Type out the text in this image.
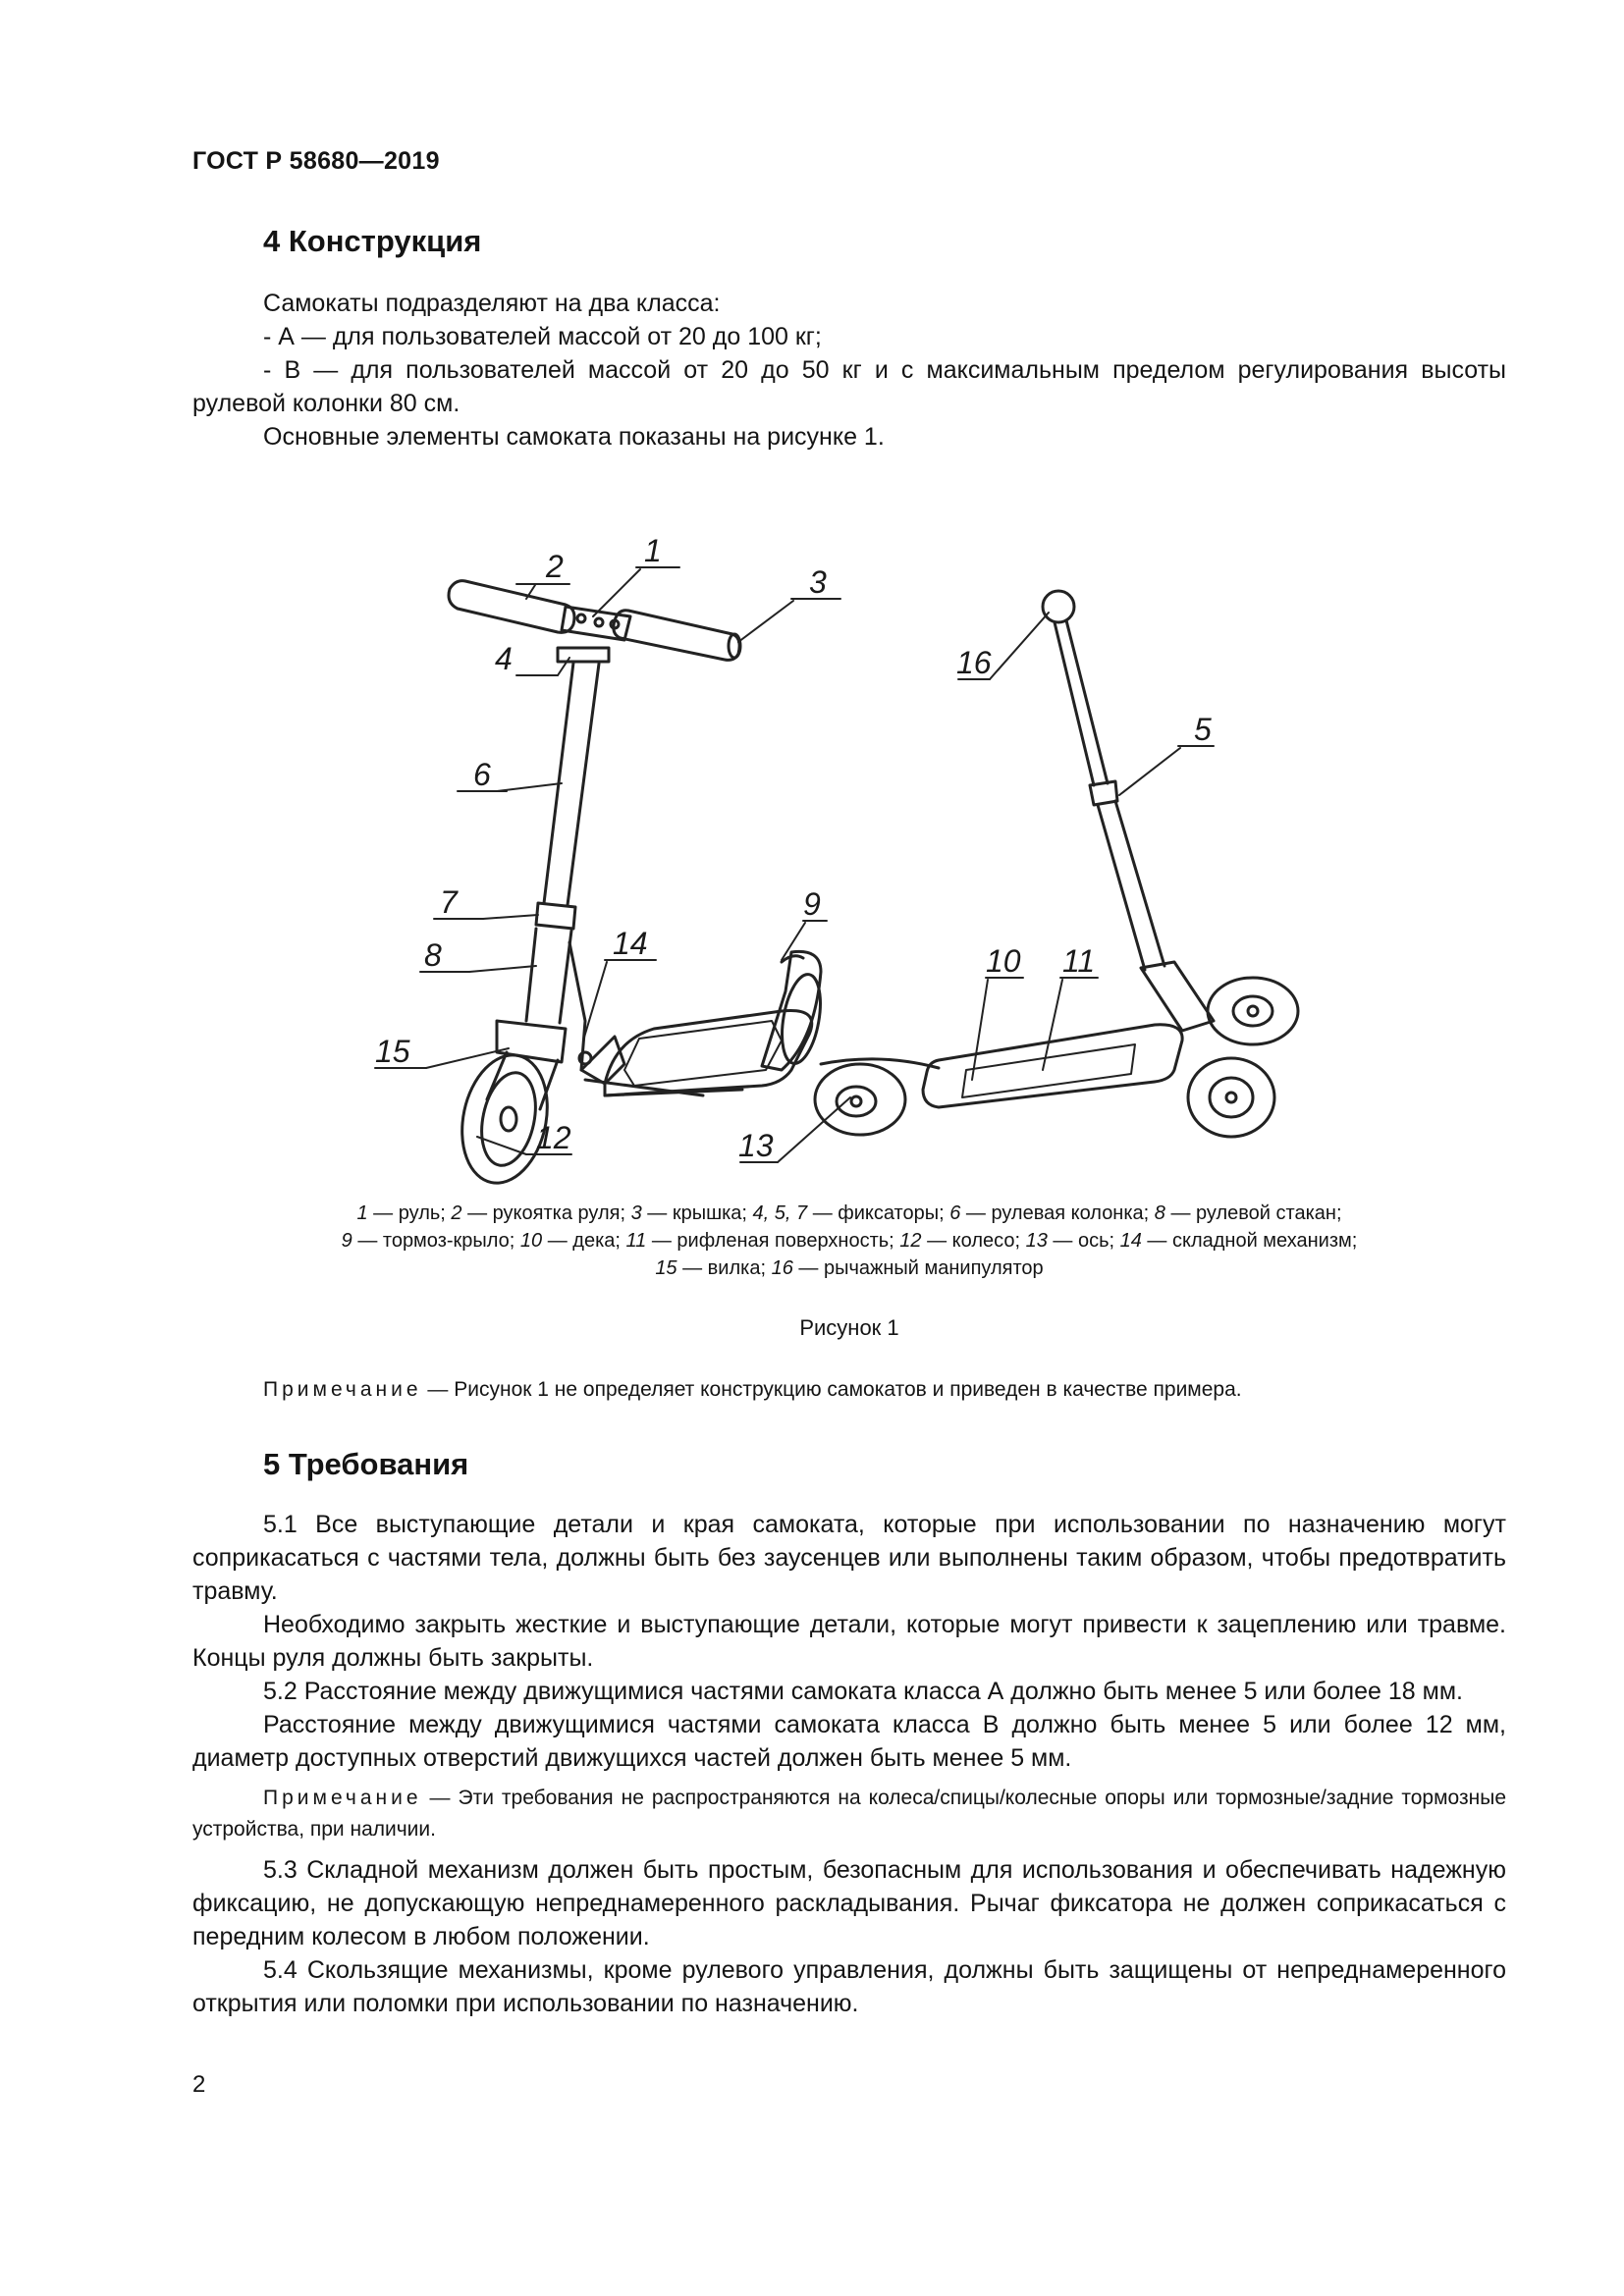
ГОСТ Р 58680—2019
4 Конструкция

Самокаты подразделяют на два класса:

- А — для пользователей массой от 20 до 100 кг;

- В — для пользователей массой от 20 до 50 кг и с максимальным пределом регулирования высоты рулевой колонки 80 см.

Основные элементы самоката показаны на рисунке 1.

2	1
3
4
6
7
8	14
9
15
12
16
5
10 11
13
1 — руль; 2 — рукоятка руля; 3 — крышка; 4, 5, 7 — фиксаторы; 6 — рулевая колонка; 8 — рулевой стакан;
9 — тормоз-крыло; 10 — дека; 11 — рифленая поверхность; 12 — колесо; 13 — ось; 14 — складной механизм;
15 — вилка; 16 — рычажный манипулятор
Рисунок 1

Примечание — Рисунок 1 не определяет конструкцию самокатов и приведен в качестве примера.

5 Требования

5.1 Все выступающие детали и края самоката, которые при использовании по назначению могут соприкасаться с частями тела, должны быть без заусенцев или выполнены таким образом, чтобы предотвратить травму.

Необходимо закрыть жесткие и выступающие детали, которые могут привести к зацеплению или травме. Концы руля должны быть закрыты.

5.2 Расстояние между движущимися частями самоката класса А должно быть менее 5 или более 18 мм.

Расстояние между движущимися частями самоката класса В должно быть менее 5 или более 12 мм, диаметр доступных отверстий движущихся частей должен быть менее 5 мм.

Примечание — Эти требования не распространяются на колеса/спицы/колесные опоры или тормозные/задние тормозные устройства, при наличии.

5.3 Складной механизм должен быть простым, безопасным для использования и обеспечивать надежную фиксацию, не допускающую непреднамеренного раскладывания. Рычаг фиксатора не должен соприкасаться с передним колесом в любом положении.

5.4 Скользящие механизмы, кроме рулевого управления, должны быть защищены от непреднамеренного открытия или поломки при использовании по назначению.

2
